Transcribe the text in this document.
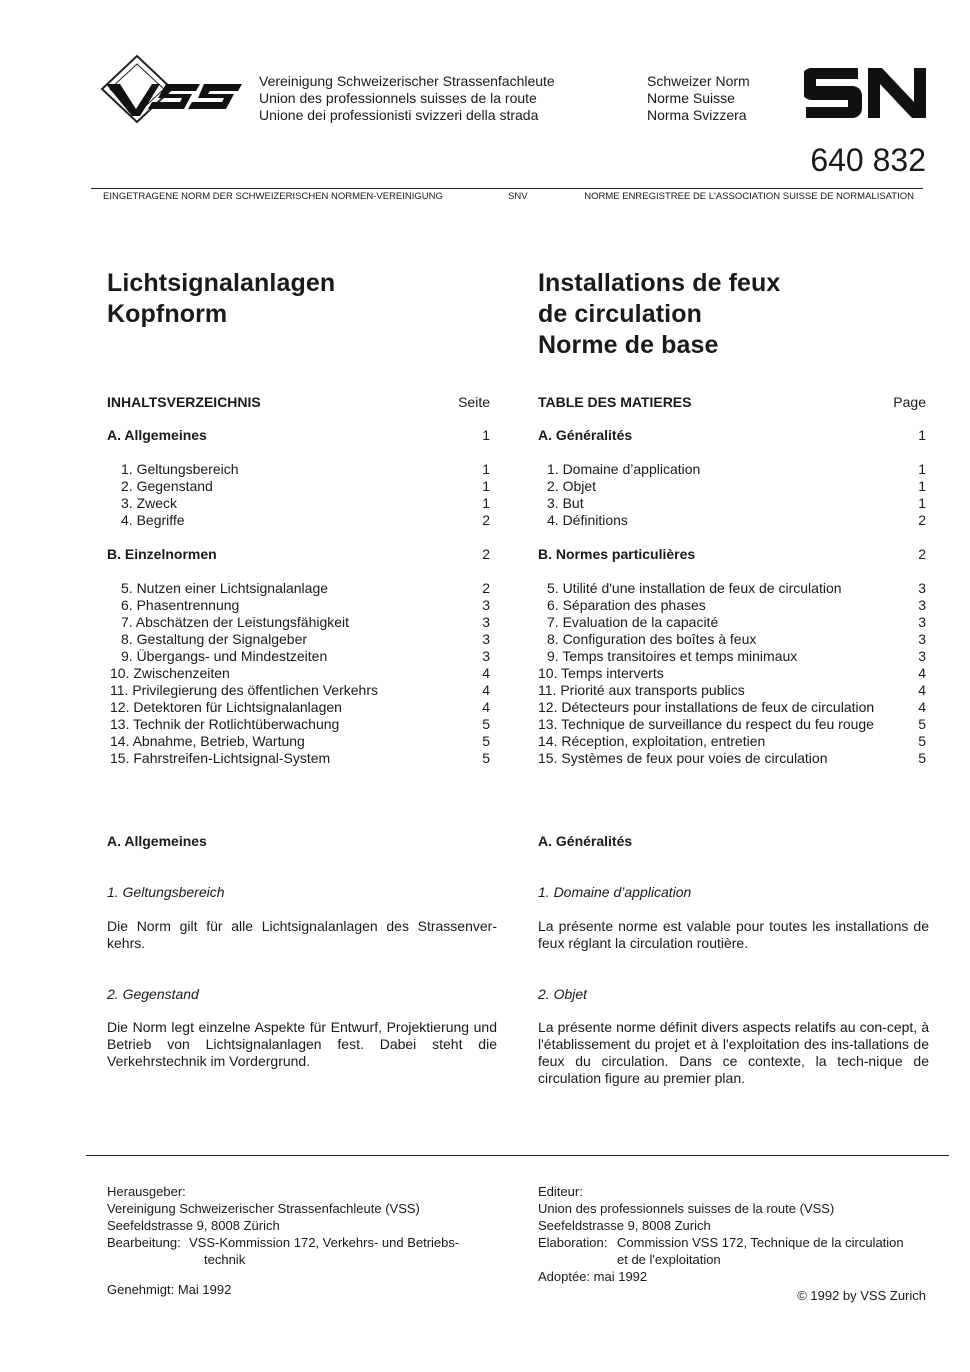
Vereinigung Schweizerischer Strassenfachleute
Union des professionnels suisses de la route
Unione dei professionisti svizzeri della strada
Schweizer Norm
Norme Suisse
Norma Svizzera
640 832
EINGETRAGENE NORM DER SCHWEIZERISCHEN NORMEN-VEREINIGUNG	SNV	NORME ENREGISTREE DE L'ASSOCIATION SUISSE DE NORMALISATION
Lichtsignalanlagen
Kopfnorm
Installations de feux
de circulation
Norme de base
INHALTSVERZEICHNIS	Seite
A. Allgemeines	1
1. Geltungsbereich	1
2. Gegenstand	1
3. Zweck	1
4. Begriffe	2
B. Einzelnormen	2
5. Nutzen einer Lichtsignalanlage	2
6. Phasentrennung	3
7. Abschätzen der Leistungsfähigkeit	3
8. Gestaltung der Signalgeber	3
9. Übergangs- und Mindestzeiten	3
10. Zwischenzeiten	4
11. Privilegierung des öffentlichen Verkehrs	4
12. Detektoren für Lichtsignalanlagen	4
13. Technik der Rotlichtüberwachung	5
14. Abnahme, Betrieb, Wartung	5
15. Fahrstreifen-Lichtsignal-System	5
TABLE DES MATIERES	Page
A. Généralités	1
1. Domaine d’application	1
2. Objet	1
3. But	1
4. Définitions	2
B. Normes particulières	2
5. Utilité d'une installation de feux de circulation	3
6. Séparation des phases	3
7. Evaluation de la capacité	3
8. Configuration des boîtes à feux	3
9. Temps transitoires et temps minimaux	3
10. Temps interverts	4
11. Priorité aux transports publics	4
12. Détecteurs pour installations de feux de circulation	4
13. Technique de surveillance du respect du feu rouge	5
14. Réception, exploitation, entretien	5
15. Systèmes de feux pour voies de circulation	5
A. Allgemeines
1. Geltungsbereich
Die Norm gilt für alle Lichtsignalanlagen des Strassenver-kehrs.
2. Gegenstand
Die Norm legt einzelne Aspekte für Entwurf, Projektierung und Betrieb von Lichtsignalanlagen fest. Dabei steht die Verkehrstechnik im Vordergrund.
A. Généralités
1. Domaine d’application
La présente norme est valable pour toutes les installations de feux réglant la circulation routière.
2. Objet
La présente norme définit divers aspects relatifs au con-cept, à l'établissement du projet et à l'exploitation des ins-tallations de feux du circulation. Dans ce contexte, la tech-nique de circulation figure au premier plan.
Herausgeber:
Vereinigung Schweizerischer Strassenfachleute (VSS)
Seefeldstrasse 9, 8008 Zürich
Bearbeitung: VSS-Kommission 172, Verkehrs- und Betriebs-
technik
Genehmigt: Mai 1992
Editeur:
Union des professionnels suisses de la route (VSS)
Seefeldstrasse 9, 8008 Zurich
Elaboration: Commission VSS 172, Technique de la circulation
et de l'exploitation
Adoptée: mai 1992
© 1992 by VSS Zurich
